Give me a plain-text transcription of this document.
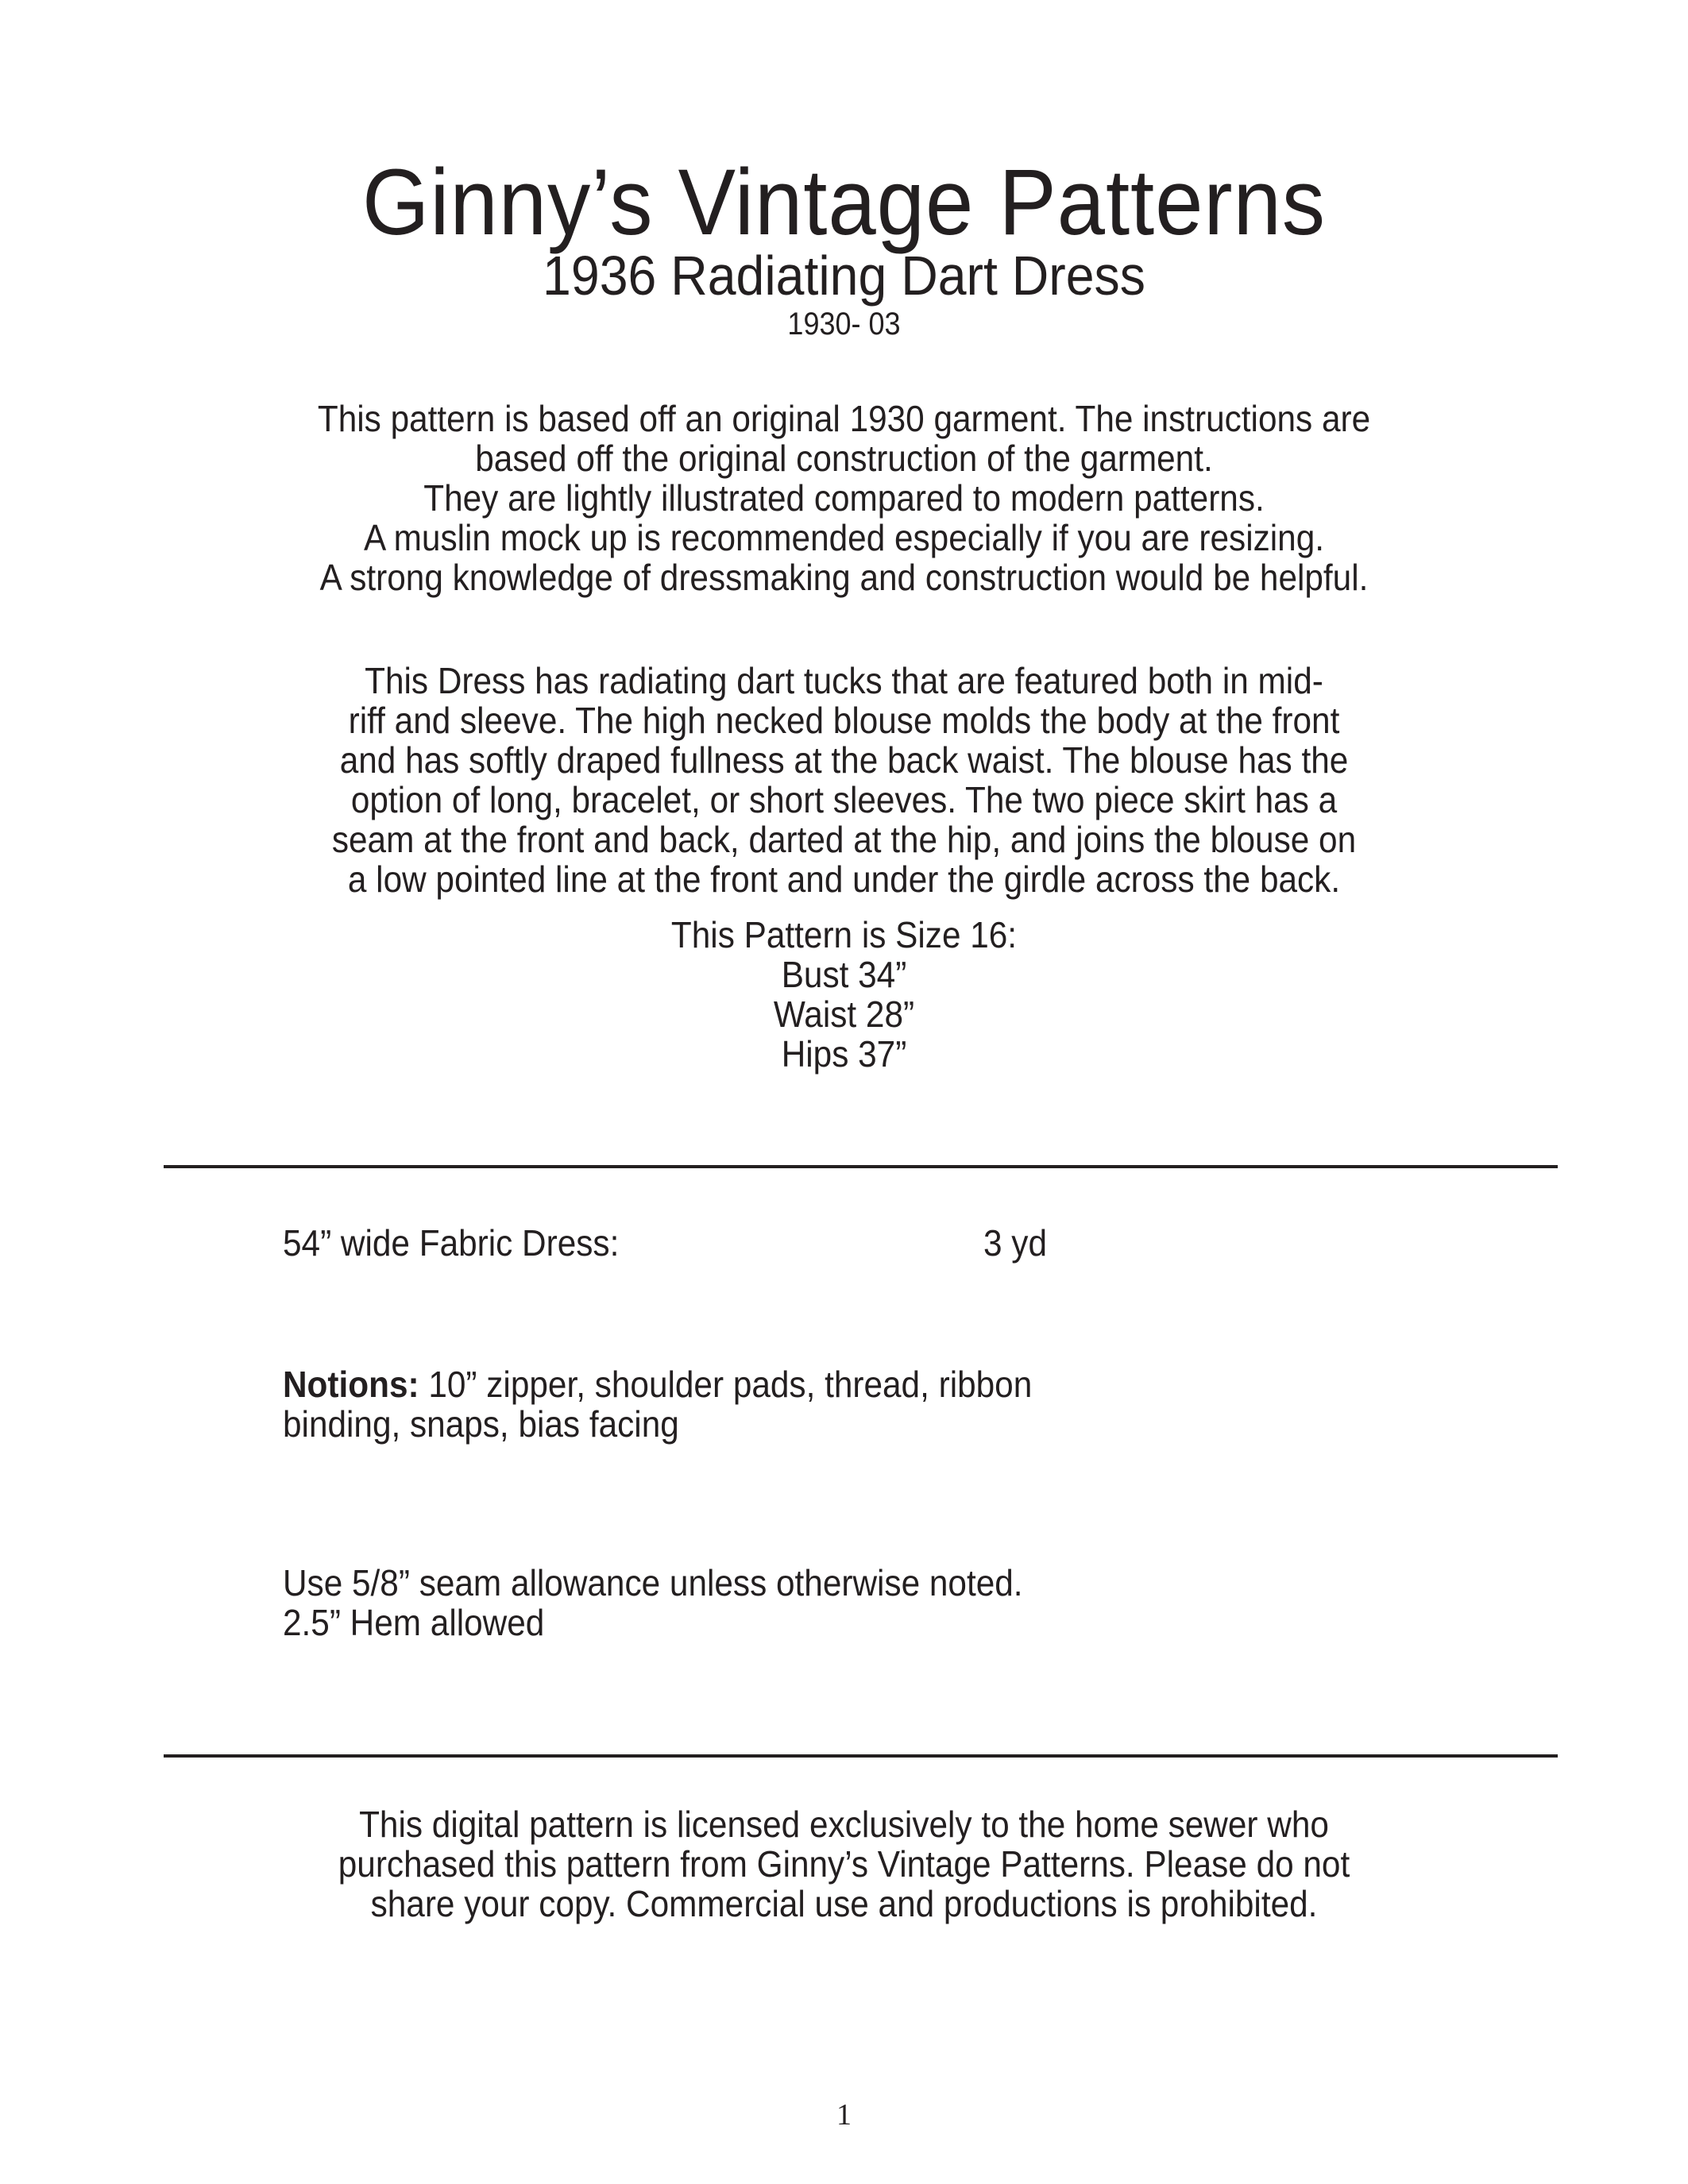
Ginny’s Vintage Patterns
1936 Radiating Dart Dress
1930- 03
This pattern is based off an original 1930 garment. The instructions are
based off the original construction of the garment.
They are lightly illustrated compared to modern patterns.
A muslin mock up is recommended especially if you are resizing.
A strong knowledge of dressmaking and construction would be helpful.
This Dress has radiating dart tucks that are featured both in mid-
riff and sleeve. The high necked blouse molds the body at the front
and has softly draped fullness at the back waist. The blouse has the
option of long, bracelet, or short sleeves. The two piece skirt has a
seam at the front and back, darted at the hip, and joins the blouse on
a low pointed line at the front and under the girdle across the back.
This Pattern is Size 16:
Bust 34”
Waist 28”
Hips 37”
54” wide Fabric Dress:	3 yd
Notions: 10” zipper, shoulder pads, thread, ribbon
binding, snaps, bias facing
Use 5/8” seam allowance unless otherwise noted.
2.5” Hem allowed
This digital pattern is licensed exclusively to the home sewer who
purchased this pattern from Ginny’s Vintage Patterns. Please do not
share your copy. Commercial use and productions is prohibited.
1
